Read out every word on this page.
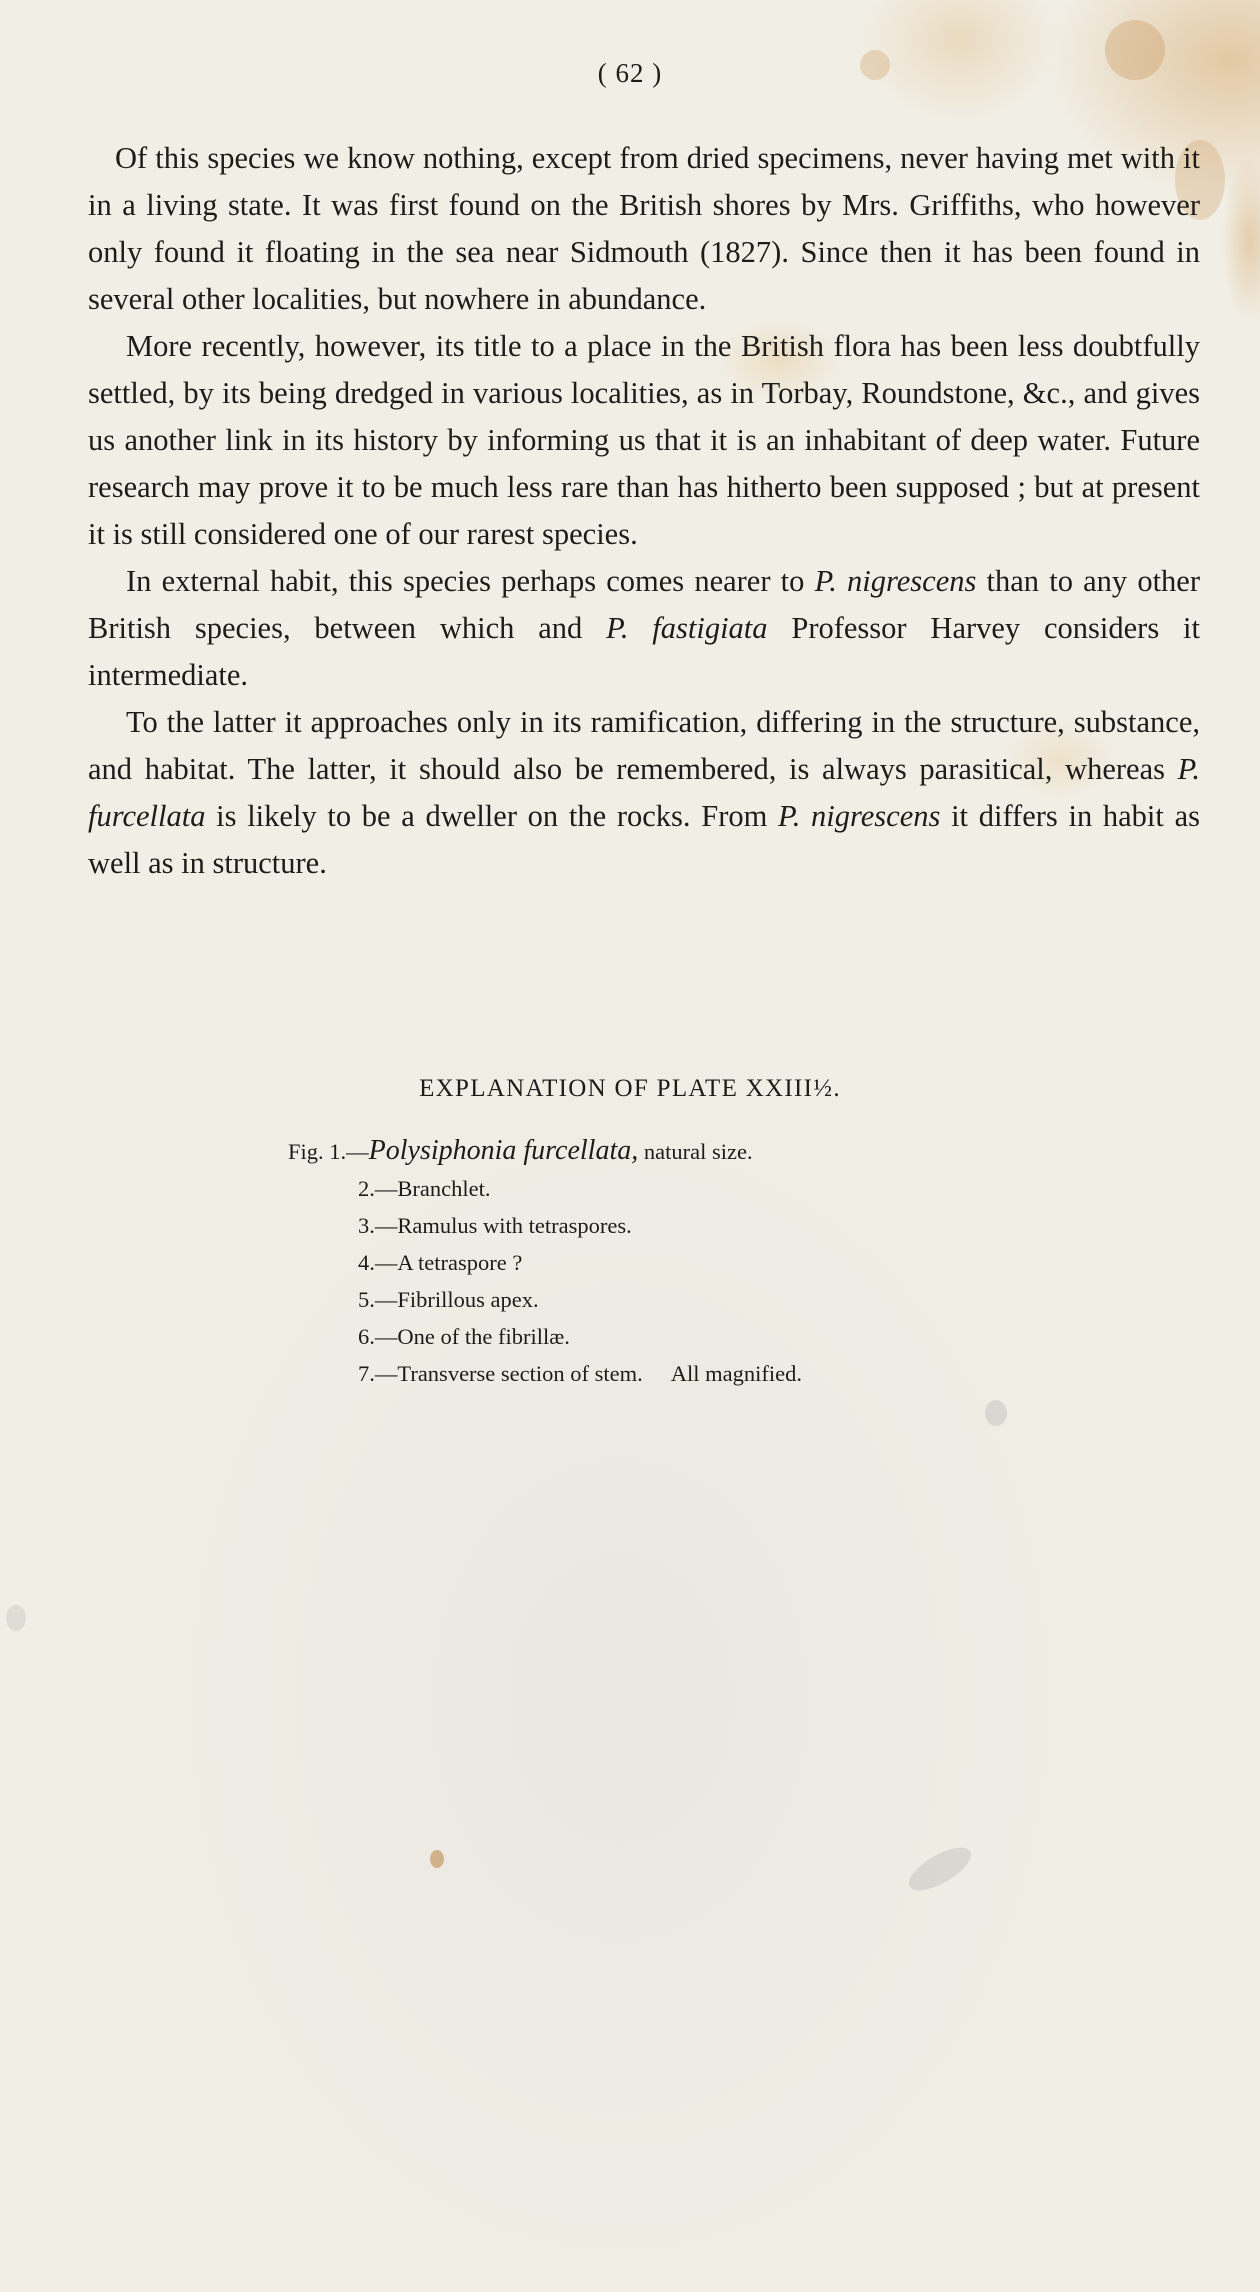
( 62 )

Of this species we know nothing, except from dried specimens, never having met with it in a living state. It was first found on the British shores by Mrs. Griffiths, who however only found it floating in the sea near Sidmouth (1827). Since then it has been found in several other localities, but nowhere in abundance.

More recently, however, its title to a place in the British flora has been less doubtfully settled, by its being dredged in various localities, as in Torbay, Roundstone, &c., and gives us another link in its history by informing us that it is an inhabitant of deep water. Future research may prove it to be much less rare than has hitherto been supposed ; but at present it is still considered one of our rarest species.

In external habit, this species perhaps comes nearer to P. nigrescens than to any other British species, between which and P. fastigiata Professor Harvey considers it intermediate.

To the latter it approaches only in its ramification, differing in the structure, substance, and habitat. The latter, it should also be remembered, is always parasitical, whereas P. furcellata is likely to be a dweller on the rocks. From P. nigrescens it differs in habit as well as in structure.

EXPLANATION OF PLATE XXIII½.
Fig. 1.—Polysiphonia furcellata, natural size.
2.—Branchlet.
3.—Ramulus with tetraspores.
4.—A tetraspore ?
5.—Fibrillous apex.
6.—One of the fibrillæ.
7.—Transverse section of stem. All magnified.
